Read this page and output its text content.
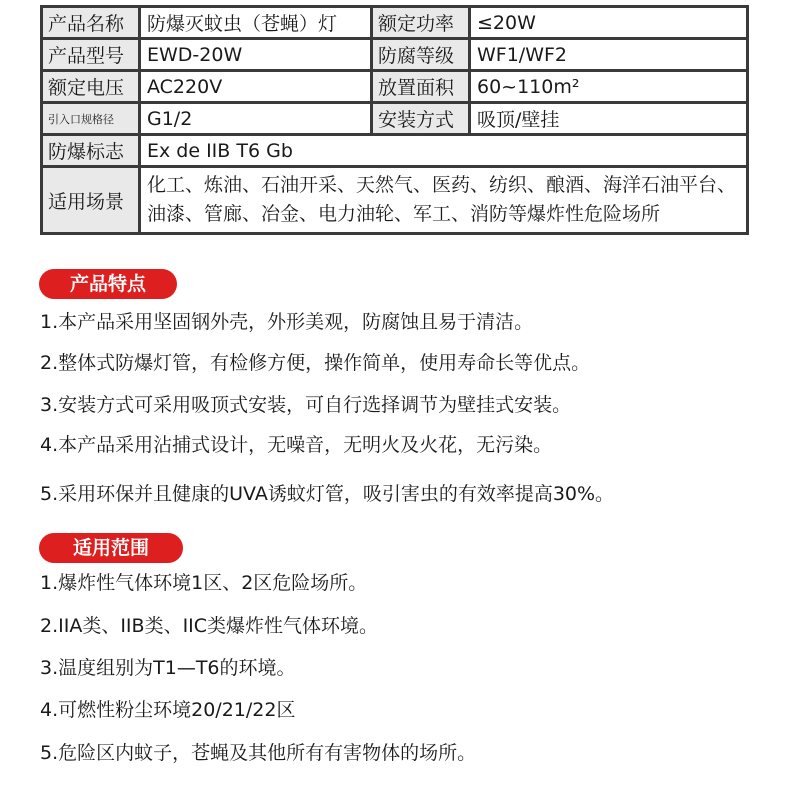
产品名称	防爆灭蚊虫（苍蝇）灯	额定功率	≤20W
产品型号	EWD-20W	防腐等级	WF1/WF2
额定电压	AC220V	放置面积	60~110m²
引入口规格径	G1/2	安装方式	吸顶/壁挂
防爆标志	Ex de IIB T6 Gb		
适用场景	化工、炼油、石油开采、天然气、医药、纺织、酿酒、海洋石油平台、油漆、管廊、冶金、电力油轮、军工、消防等爆炸性危险场所		
产品特点
1.本产品采用坚固钢外壳，外形美观，防腐蚀且易于清洁。
2.整体式防爆灯管，有检修方便，操作简单，使用寿命长等优点。
3.安装方式可采用吸顶式安装，可自行选择调节为壁挂式安装。
4.本产品采用沾捕式设计，无噪音，无明火及火花，无污染。
5.采用环保并且健康的UVA诱蚊灯管，吸引害虫的有效率提高30%。
适用范围
1.爆炸性气体环境1区、2区危险场所。
2.IIA类、IIB类、IIC类爆炸性气体环境。
3.温度组别为T1—T6的环境。
4.可燃性粉尘环境20/21/22区
5.危险区内蚊子，苍蝇及其他所有有害物体的场所。
